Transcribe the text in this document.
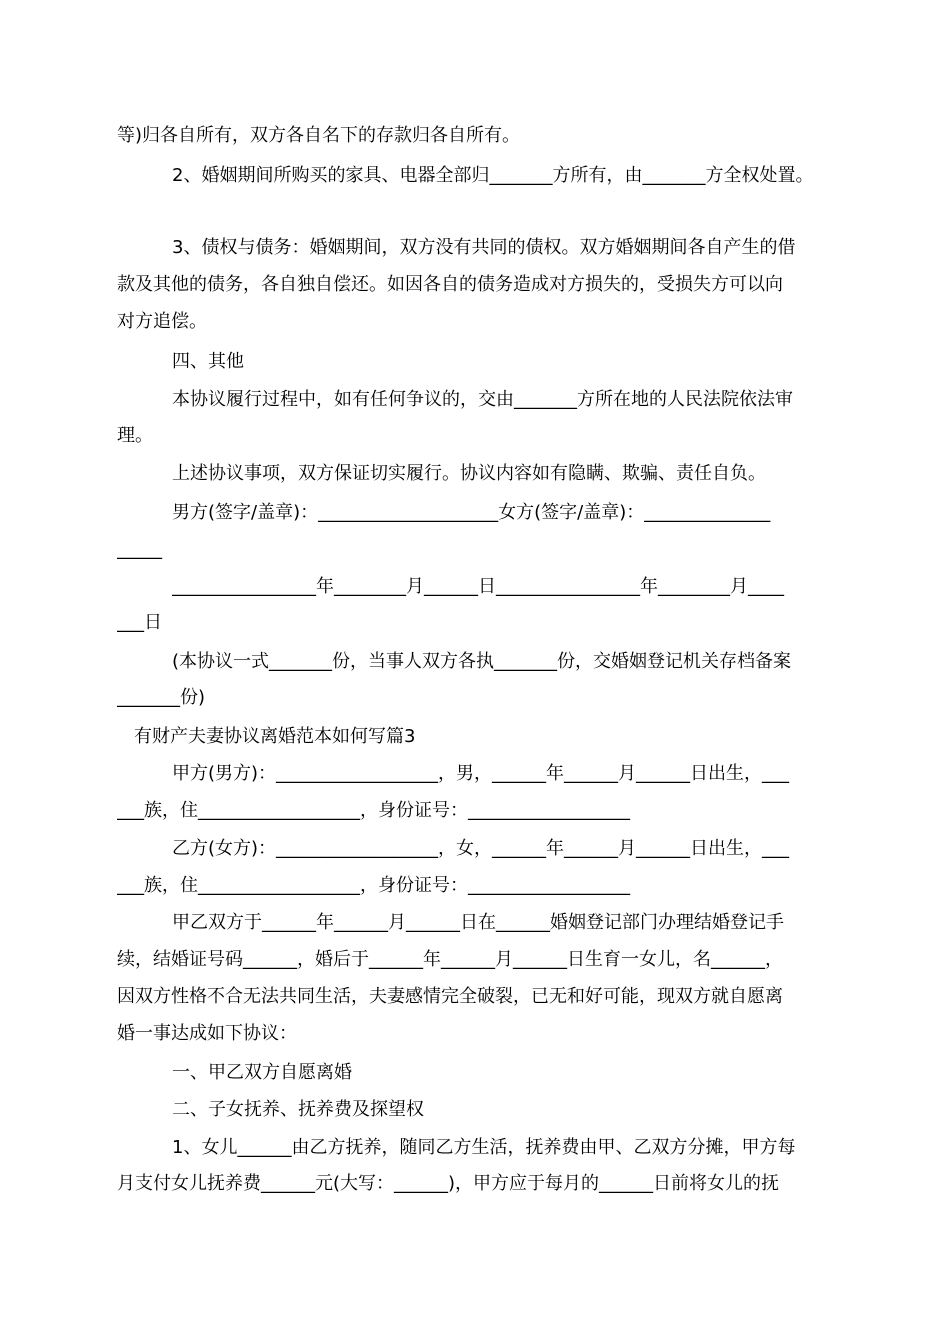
等)归各自所有，双方各自名下的存款归各自所有。
2、婚姻期间所购买的家具、电器全部归_______方所有，由_______方全权处置。
3、债权与债务：婚姻期间，双方没有共同的债权。双方婚姻期间各自产生的借
款及其他的债务，各自独自偿还。如因各自的债务造成对方损失的，受损失方可以向
对方追偿。
四、其他
本协议履行过程中，如有任何争议的，交由_______方所在地的人民法院依法审
理。
上述协议事项，双方保证切实履行。协议内容如有隐瞒、欺骗、责任自负。
男方(签字/盖章)：____________________女方(签字/盖章)：______________
_____
________________年________月______日________________年________月____
___日
(本协议一式_______份，当事人双方各执_______份，交婚姻登记机关存档备案
_______份)
有财产夫妻协议离婚范本如何写篇3
甲方(男方)：__________________，男，______年______月______日出生，___
___族，住__________________，身份证号：__________________
乙方(女方)：__________________，女，______年______月______日出生，___
___族，住__________________，身份证号：__________________
甲乙双方于______年______月______日在______婚姻登记部门办理结婚登记手
续，结婚证号码______，婚后于______年______月______日生育一女儿，名______，
因双方性格不合无法共同生活，夫妻感情完全破裂，已无和好可能，现双方就自愿离
婚一事达成如下协议：
一、甲乙双方自愿离婚
二、子女抚养、抚养费及探望权
1、女儿______由乙方抚养，随同乙方生活，抚养费由甲、乙双方分摊，甲方每
月支付女儿抚养费______元(大写：______)，甲方应于每月的______日前将女儿的抚
